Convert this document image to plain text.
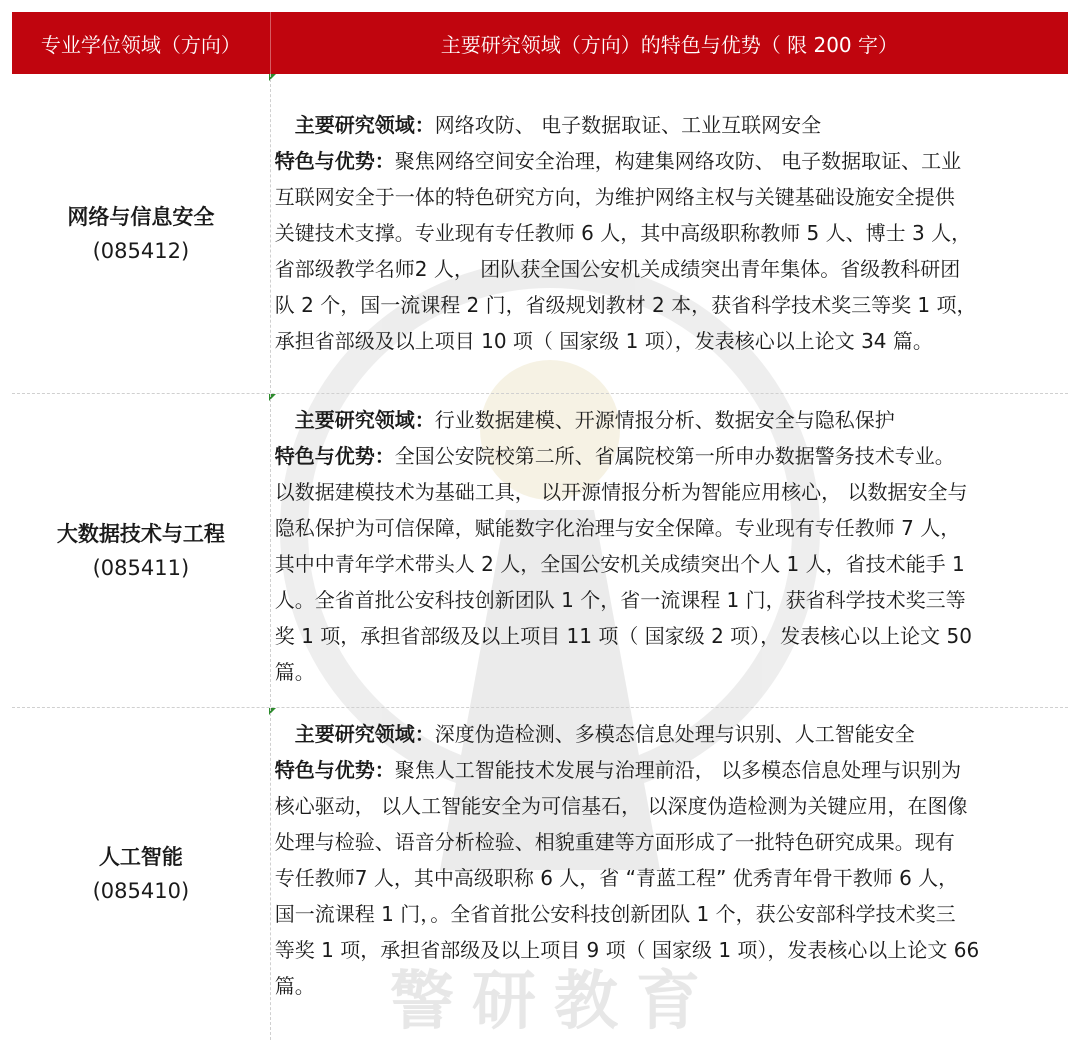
警研教育
专业学位领域（方向）	主要研究领域（方向）的特色与优势（ 限 200 字）
网络与信息安全
(085412)
主要研究领域：网络攻防、 电子数据取证、工业互联网安全
特色与优势：聚焦网络空间安全治理，构建集网络攻防、 电子数据取证、工业
互联网安全于一体的特色研究方向，为维护网络主权与关键基础设施安全提供
关键技术支撑。专业现有专任教师 6 人，其中高级职称教师 5 人、博士 3 人，
省部级教学名师2 人， 团队获全国公安机关成绩突出青年集体。省级教科研团
队 2 个，国一流课程 2 门，省级规划教材 2 本，获省科学技术奖三等奖 1 项，
承担省部级及以上项目 10 项（ 国家级 1 项），发表核心以上论文 34 篇。
大数据技术与工程
(085411)
主要研究领域：行业数据建模、开源情报分析、数据安全与隐私保护
特色与优势：全国公安院校第二所、省属院校第一所申办数据警务技术专业。
以数据建模技术为基础工具， 以开源情报分析为智能应用核心， 以数据安全与
隐私保护为可信保障，赋能数字化治理与安全保障。专业现有专任教师 7 人，
其中中青年学术带头人 2 人，全国公安机关成绩突出个人 1 人，省技术能手 1
人。全省首批公安科技创新团队 1 个，省一流课程 1 门，获省科学技术奖三等
奖 1 项，承担省部级及以上项目 11 项（ 国家级 2 项），发表核心以上论文 50
篇。
人工智能
(085410)
主要研究领域：深度伪造检测、多模态信息处理与识别、人工智能安全
特色与优势：聚焦人工智能技术发展与治理前沿， 以多模态信息处理与识别为
核心驱动， 以人工智能安全为可信基石， 以深度伪造检测为关键应用，在图像
处理与检验、语音分析检验、相貌重建等方面形成了一批特色研究成果。现有
专任教师7 人，其中高级职称 6 人，省 “青蓝工程” 优秀青年骨干教师 6 人，
国一流课程 1 门，。全省首批公安科技创新团队 1 个，获公安部科学技术奖三
等奖 1 项，承担省部级及以上项目 9 项（ 国家级 1 项），发表核心以上论文 66
篇。
